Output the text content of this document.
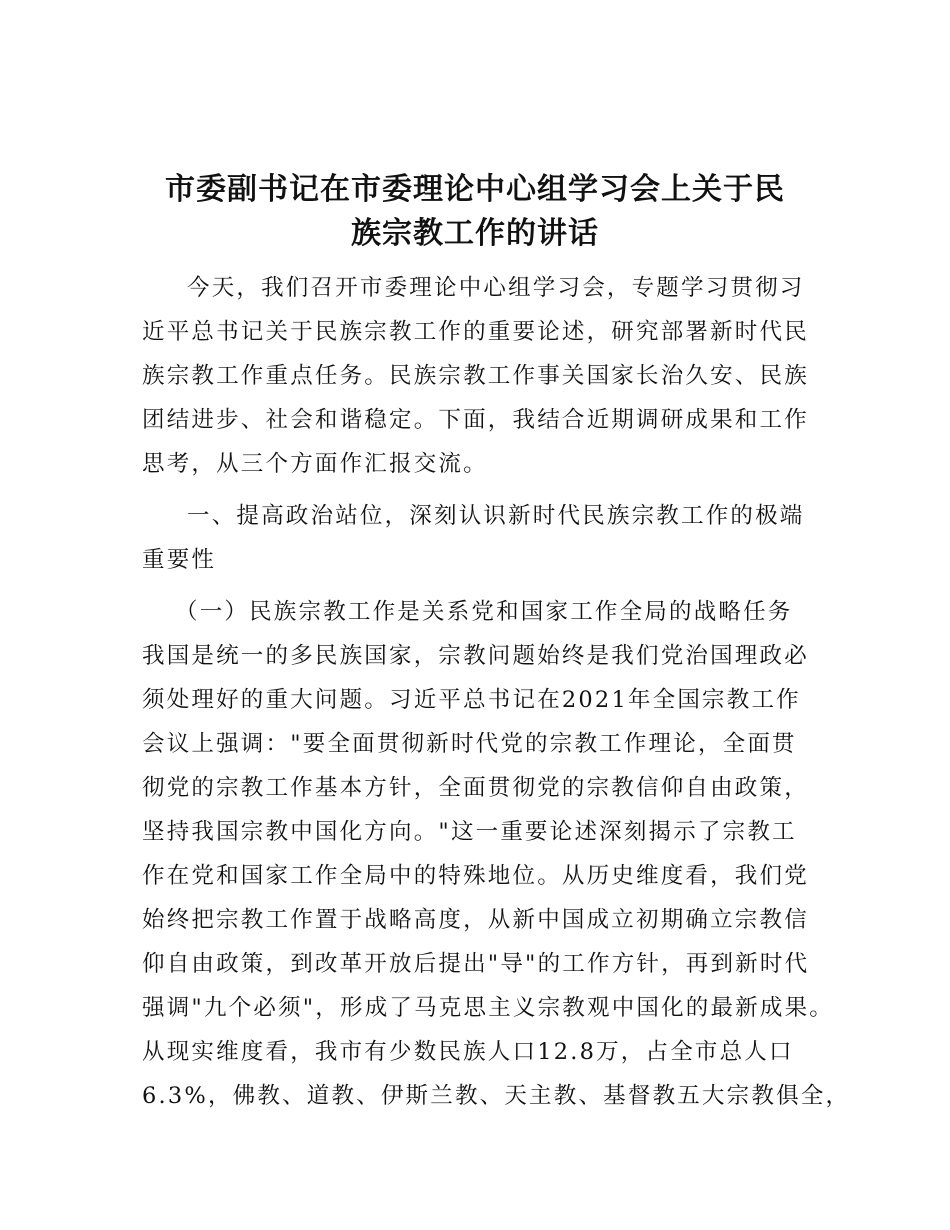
市委副书记在市委理论中心组学习会上关于民
族宗教工作的讲话
今天，我们召开市委理论中心组学习会，专题学习贯彻习
近平总书记关于民族宗教工作的重要论述，研究部署新时代民
族宗教工作重点任务。民族宗教工作事关国家长治久安、民族
团结进步、社会和谐稳定。下面，我结合近期调研成果和工作
思考，从三个方面作汇报交流。
一、提高政治站位，深刻认识新时代民族宗教工作的极端
重要性
（一）民族宗教工作是关系党和国家工作全局的战略任务
我国是统一的多民族国家，宗教问题始终是我们党治国理政必
须处理好的重大问题。习近平总书记在2021年全国宗教工作
会议上强调："要全面贯彻新时代党的宗教工作理论，全面贯
彻党的宗教工作基本方针，全面贯彻党的宗教信仰自由政策，
坚持我国宗教中国化方向。"这一重要论述深刻揭示了宗教工
作在党和国家工作全局中的特殊地位。从历史维度看，我们党
始终把宗教工作置于战略高度，从新中国成立初期确立宗教信
仰自由政策，到改革开放后提出"导"的工作方针，再到新时代
强调"九个必须"，形成了马克思主义宗教观中国化的最新成果。
从现实维度看，我市有少数民族人口12.8万，占全市总人口
6.3%，佛教、道教、伊斯兰教、天主教、基督教五大宗教俱全，
